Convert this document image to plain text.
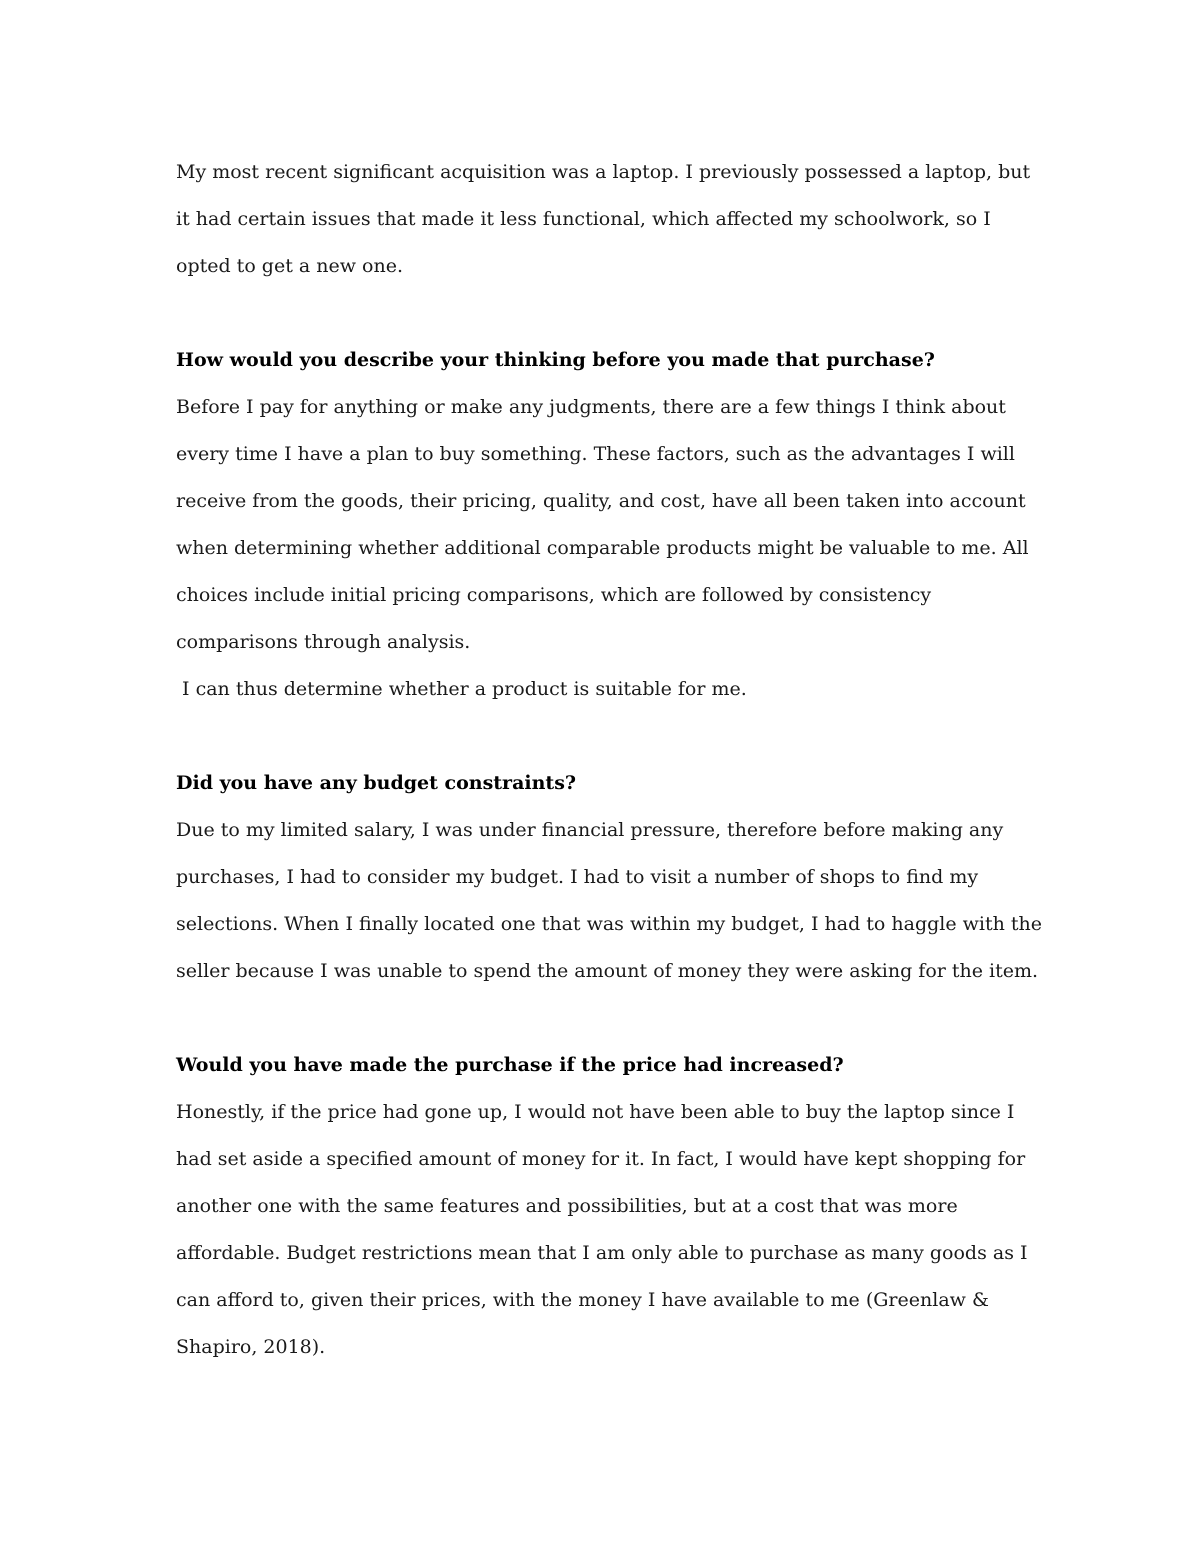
My most recent significant acquisition was a laptop. I previously possessed a laptop, but
it had certain issues that made it less functional, which affected my schoolwork, so I
opted to get a new one.
How would you describe your thinking before you made that purchase?
Before I pay for anything or make any judgments, there are a few things I think about
every time I have a plan to buy something. These factors, such as the advantages I will
receive from the goods, their pricing, quality, and cost, have all been taken into account
when determining whether additional comparable products might be valuable to me. All
choices include initial pricing comparisons, which are followed by consistency
comparisons through analysis.
I can thus determine whether a product is suitable for me.
Did you have any budget constraints?
Due to my limited salary, I was under financial pressure, therefore before making any
purchases, I had to consider my budget. I had to visit a number of shops to find my
selections. When I finally located one that was within my budget, I had to haggle with the
seller because I was unable to spend the amount of money they were asking for the item.
Would you have made the purchase if the price had increased?
Honestly, if the price had gone up, I would not have been able to buy the laptop since I
had set aside a specified amount of money for it. In fact, I would have kept shopping for
another one with the same features and possibilities, but at a cost that was more
affordable. Budget restrictions mean that I am only able to purchase as many goods as I
can afford to, given their prices, with the money I have available to me (Greenlaw &
Shapiro, 2018).
